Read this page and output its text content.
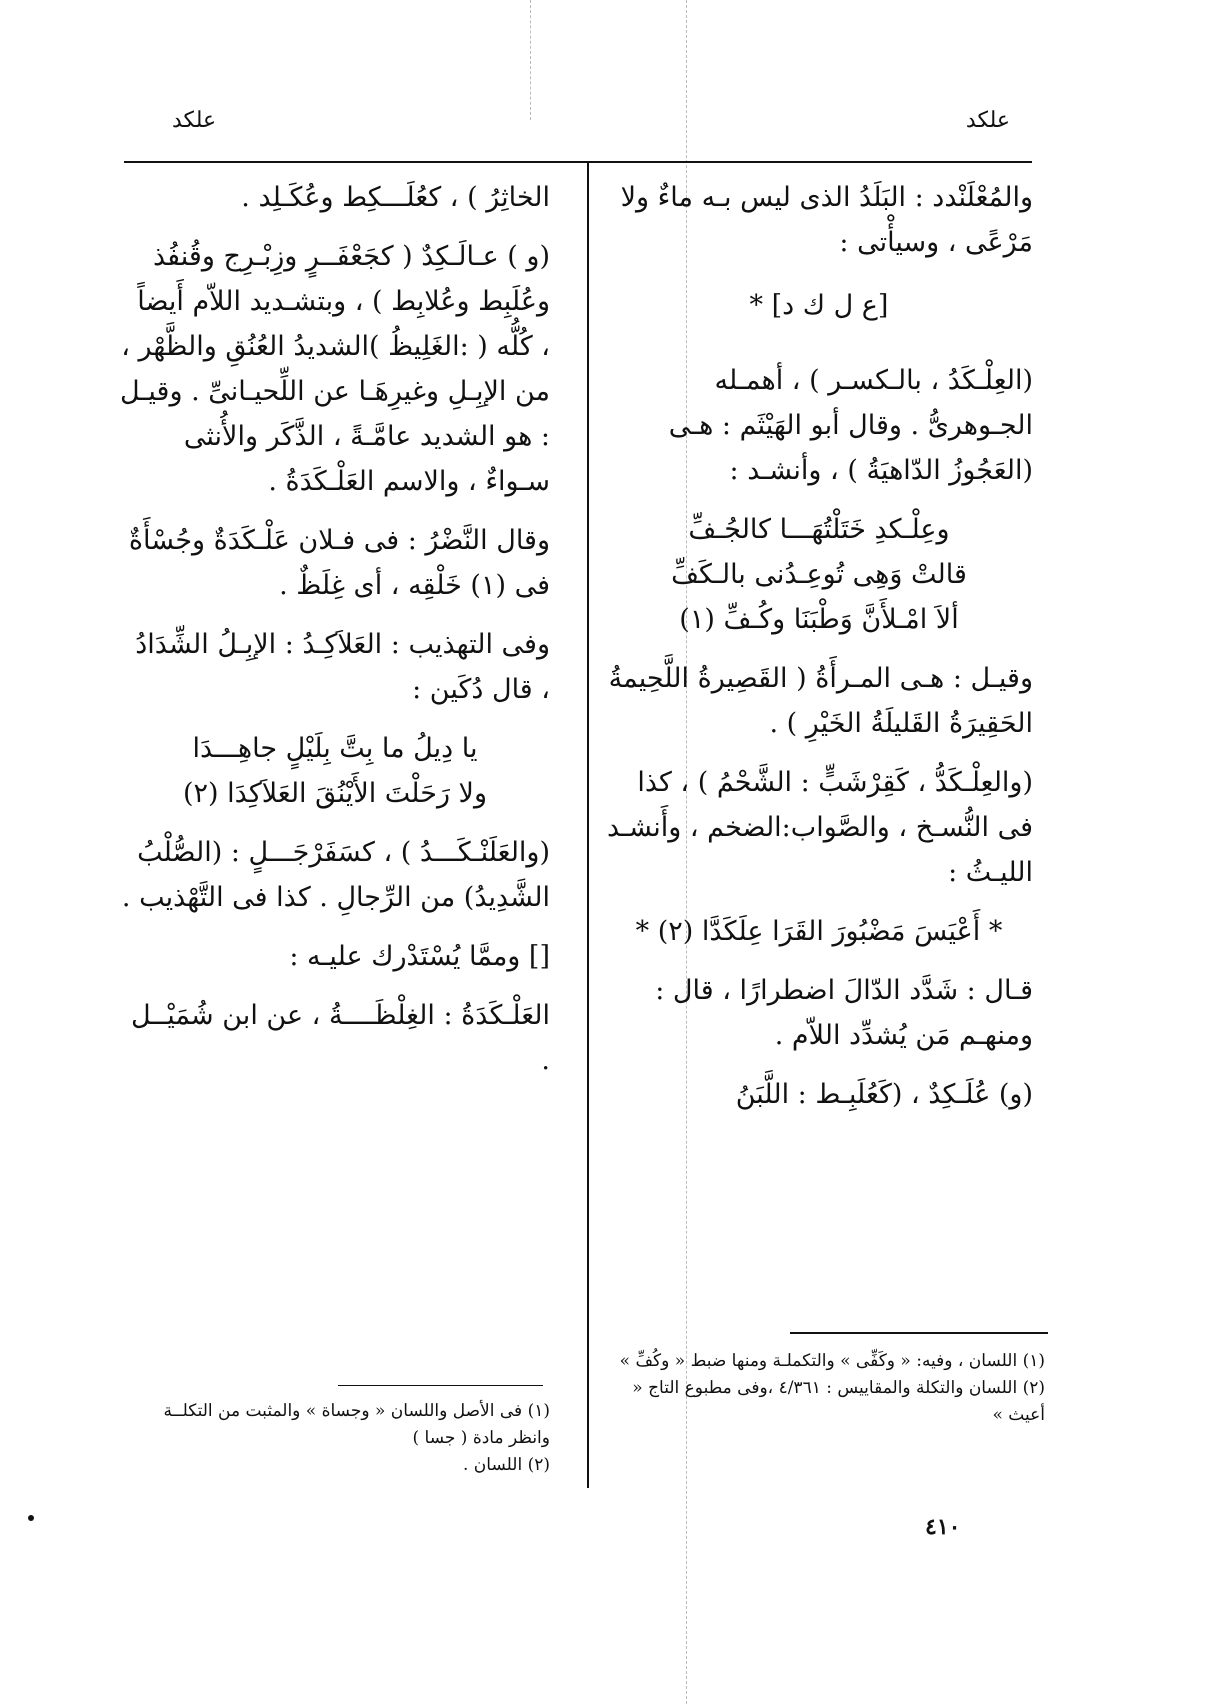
علكد
علكد

والمُعْلَنْدد : البَلَدُ الذى ليس بـه ماءٌ ولا مَرْعًى ، وسيأْتى :

[ع ل ك د] *

(العِلْـكَدُ ، بالـكسـر ) ، أهمـله الجـوهرىُّ . وقال أبو الهَيْثَم : هـى (العَجُوزُ الدّاهيَةُ ) ، وأنشـد :

وعِلْـكدِ خَتَلْتُهَـــا كالجُـفِّ
قالتْ وَهِى تُوعِـدُنى بالـكَفِّ
ألاَ امْـلأَنَّ وَطْبَنَا وكُـفِّ (١)

وقيـل : هـى المـرأَةُ ( القَصِيرةُ اللَّحِيمةُ الحَقِيرَةُ القَليلَةُ الخَيْرِ ) .

(والعِلْـكَدُّ ، كَقِرْشَبٍّ : الشَّحْمُ ) ، كذا فى النُّسـخ ، والصَّواب:الضخم ، وأَنشـد الليـثُ :

* أَعْيَسَ مَضْبُورَ القَرَا عِلَكَدَّا (٢) *

قـال : شَدَّد الدّالَ اضطرارًا ، قال : ومنهـم مَن يُشدِّد اللاّم .

(و) عُلَـكِدٌ ، (كَعُلَبِـط : اللَّبَنُ

الخاثِرُ ) ، كعُلَـــكِط وعُكَـلِد .

(و ) عـالَـكِدٌ ( كجَعْفَــرٍ وزِبْـرِج وقُنفُذ وعُلَبِط وعُلابِط ) ، وبتشـديد اللاّم أَيضاً ، كُلُّه ( :الغَلِيظُ )الشديدُ العُنُقِ والظَّهْر ، من الإبِـلِ وغيرِهَـا عن اللِّحيـانىِّ . وقيـل : هو الشديد عامَّـةً ، الذَّكَر والأُنثى سـواءٌ ، والاسم العَلْـكَدَةُ .

وقال النَّضْرُ : فى فـلان عَلْـكَدَةٌ وجُسْأَةٌ فى (١) خَلْقِه ، أى غِلَظٌ .

وفى التهذيب : العَلاَكِـدُ : الإبِـلُ الشِّدَادُ ، قال دُكَين :

يا دِيلُ ما بِتَّ بِلَيْلٍ جاهِـــدَا
ولا رَحَلْتَ الأَيْنُقَ العَلاَكِدَا (٢)

(والعَلَنْـكَـــدُ ) ، كسَفَرْجَـــلٍ : (الصُّلْبُ الشَّدِيدُ) من الرِّجالِ . كذا فى التَّهْذيب .

[] وممَّا يُسْتَدْرك عليـه :

العَلْـكَدَةُ : الغِلْظَــــةُ ، عن ابن شُمَيْــل .

(١) اللسان ، وفيه: « وكَفِّى » والتكملـة ومنها ضبط « وكُفِّ »
(٢) اللسان والتكلة والمقاييس : ٤/٣٦١ ،وفى مطبوع التاج « أعيث »
(١) فى الأصل واللسان « وجساة » والمثبت من التكلــة وانظر مادة ( جسا )
(٢) اللسان .
٤١٠
